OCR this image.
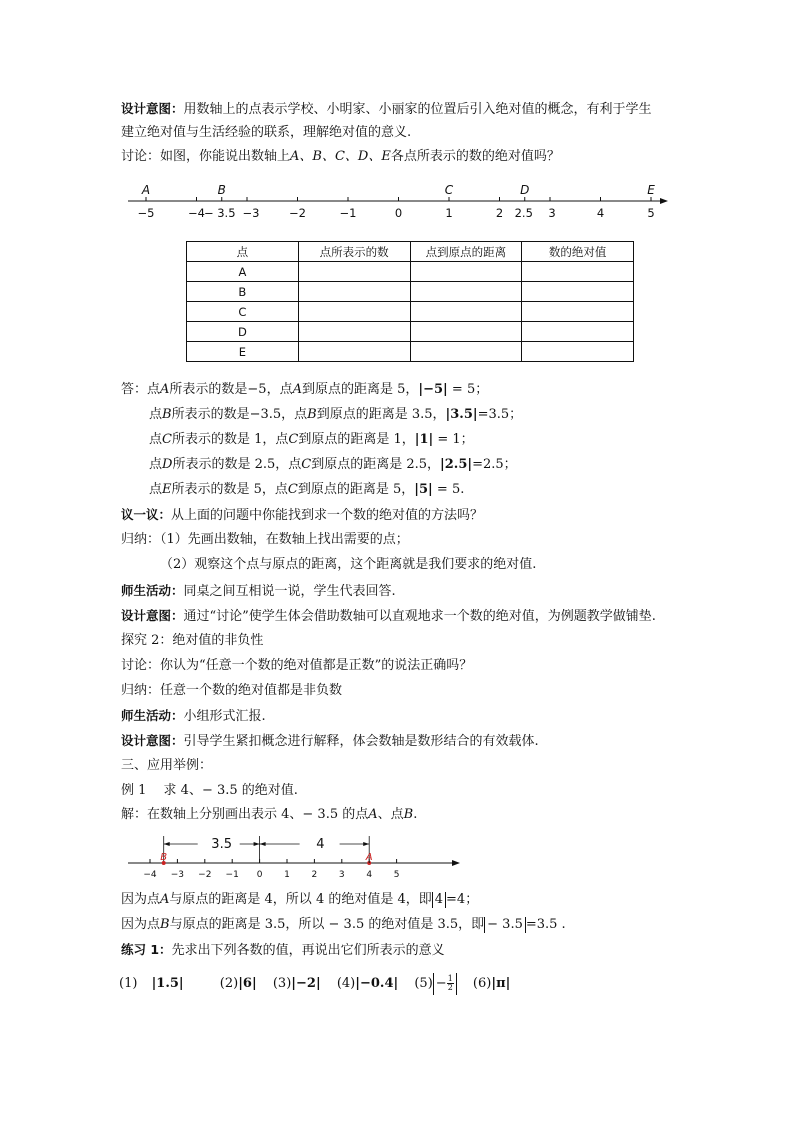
设计意图：用数轴上的点表示学校、小明家、小丽家的位置后引入绝对值的概念，有利于学生
建立绝对值与生活经验的联系，理解绝对值的意义.
讨论：如图，你能说出数轴上A、B、C、D、E各点所表示的数的绝对值吗？
−5	−4
− 3.5 −3	−2	−1	0	1	2 2.5 3	4	5
A	B	C	D	E
点	点所表示的数	点到原点的距离	数的绝对值
A			
B			
C			
D			
E			
答：点A所表示的数是−5，点A到原点的距离是 5，|−5| = 5；
点B所表示的数是−3.5，点B到原点的距离是 3.5，|3.5|=3.5；
点C所表示的数是 1，点C到原点的距离是 1，|1| = 1；
点D所表示的数是 2.5，点C到原点的距离是 2.5，|2.5|=2.5；
点E所表示的数是 5，点C到原点的距离是 5，|5| = 5.
议一议：从上面的问题中你能找到求一个数的绝对值的方法吗？
归纳：（1）先画出数轴，在数轴上找出需要的点；
（2）观察这个点与原点的距离，这个距离就是我们要求的绝对值.
师生活动：同桌之间互相说一说，学生代表回答.
设计意图：通过“讨论”使学生体会借助数轴可以直观地求一个数的绝对值，为例题教学做铺垫.
探究 2：绝对值的非负性
讨论：你认为“任意一个数的绝对值都是正数”的说法正确吗？
归纳：任意一个数的绝对值都是非负数
师生活动：小组形式汇报.
设计意图：引导学生紧扣概念进行解释，体会数轴是数形结合的有效载体.
三、应用举例：
例 1　 求 4、− 3.5 的绝对值.
解：在数轴上分别画出表示 4、− 3.5 的点A、点B.
3.5	4
B	A
−4 −3 −2 −1 0 1 2 3 4 5
因为点A与原点的距离是 4，所以 4 的绝对值是 4，即 4 =4；
因为点B与原点的距离是 3.5，所以 − 3.5 的绝对值是 3.5，即 − 3.5 =3.5 .
练习 1：先求出下列各数的值，再说出它们所表示的意义
(1) |1.5|	(2)|6| (3)|−2| (4)|−0.4| $(5) - \frac{1}{2} (6)|\pi|$
